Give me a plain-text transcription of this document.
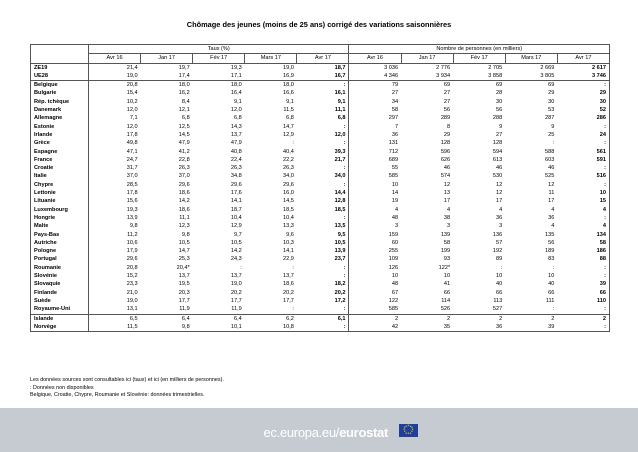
Chômage des jeunes (moins de 25 ans) corrigé des variations saisonnières
	Taux (%)					Nombre de personnes (en milliers)				
	Avr 16	Jan 17	Fév 17	Mars 17	Avr 17	Avr 16	Jan 17	Fév 17	Mars 17	Avr 17
ZE19	21,4	19,7	19,3	19,0	18,7	3 036	2 776	2 705	2 669	2 617
UE28	19,0	17,4	17,1	16,9	16,7	4 346	3 934	3 858	3 805	3 746
Belgique	20,8	18,0	18,0	18,0	:	79	69	69	69	:
Bulgarie	15,4	16,2	16,4	16,6	16,1	27	27	28	29	29
Rép. tchèque	10,2	8,4	9,1	9,1	9,1	34	27	30	30	30
Danemark	12,0	12,1	12,0	11,5	11,1	58	56	56	53	52
Allemagne	7,1	6,8	6,8	6,8	6,8	297	289	288	287	286
Estonie	12,0	12,5	14,3	14,7	:	7	8	9	9	:
Irlande	17,8	14,5	13,7	12,9	12,0	36	29	27	25	24
Grèce	49,8	47,9	47,9	:	:	131	128	128	:	:
Espagne	47,1	41,2	40,8	40,4	39,3	712	596	594	588	561
France	24,7	22,8	22,4	22,2	21,7	689	626	613	603	591
Croatie	31,7	26,3	26,3	26,3	:	55	46	46	46	:
Italie	37,0	37,0	34,8	34,0	34,0	585	574	530	525	516
Chypre	28,5	29,6	29,6	29,6	:	10	12	12	12	:
Lettonie	17,8	18,6	17,6	16,0	14,4	14	13	12	11	10
Lituanie	15,6	14,2	14,1	14,5	12,8	19	17	17	17	15
Luxembourg	19,3	18,6	18,7	18,5	18,5	4	4	4	4	4
Hongrie	13,9	11,1	10,4	10,4	:	48	38	36	36	:
Malte	9,8	12,3	12,9	13,3	13,5	3	3	3	4	4
Pays-Bas	11,2	9,8	9,7	9,6	9,5	159	139	136	135	134
Autriche	10,6	10,5	10,5	10,3	10,5	60	58	57	56	58
Pologne	17,9	14,7	14,2	14,1	13,9	255	199	192	189	186
Portugal	29,6	25,3	24,3	22,9	23,7	109	93	89	83	88
Roumanie	20,8	20,4*	:	:	:	126	122*	:	:	:
Slovénie	15,2	13,7	13,7	13,7	:	10	10	10	10	:
Slovaquie	23,3	19,5	19,0	18,6	18,2	48	41	40	40	39
Finlande	21,0	20,3	20,2	20,2	20,2	67	66	66	66	66
Suède	19,0	17,7	17,7	17,7	17,2	122	114	113	111	110
Royaume-Uni	13,1	11,9	11,9	:	:	585	526	527	:	:
Islande	6,5	6,4	6,4	6,2	6,1	2	2	2	2	2
Norvège	11,5	9,8	10,1	10,8	:	42	35	36	39	:
Les données sources sont consultables ici (taux) et ici (en milliers de personnes).
: Données non disponibles
Belgique, Croatie, Chypre, Roumanie et Slovénie: données trimestrielles.
ec.europa.eu/eurostat	★
★
★
★
★
★
★
★
★ ★ ★
★
